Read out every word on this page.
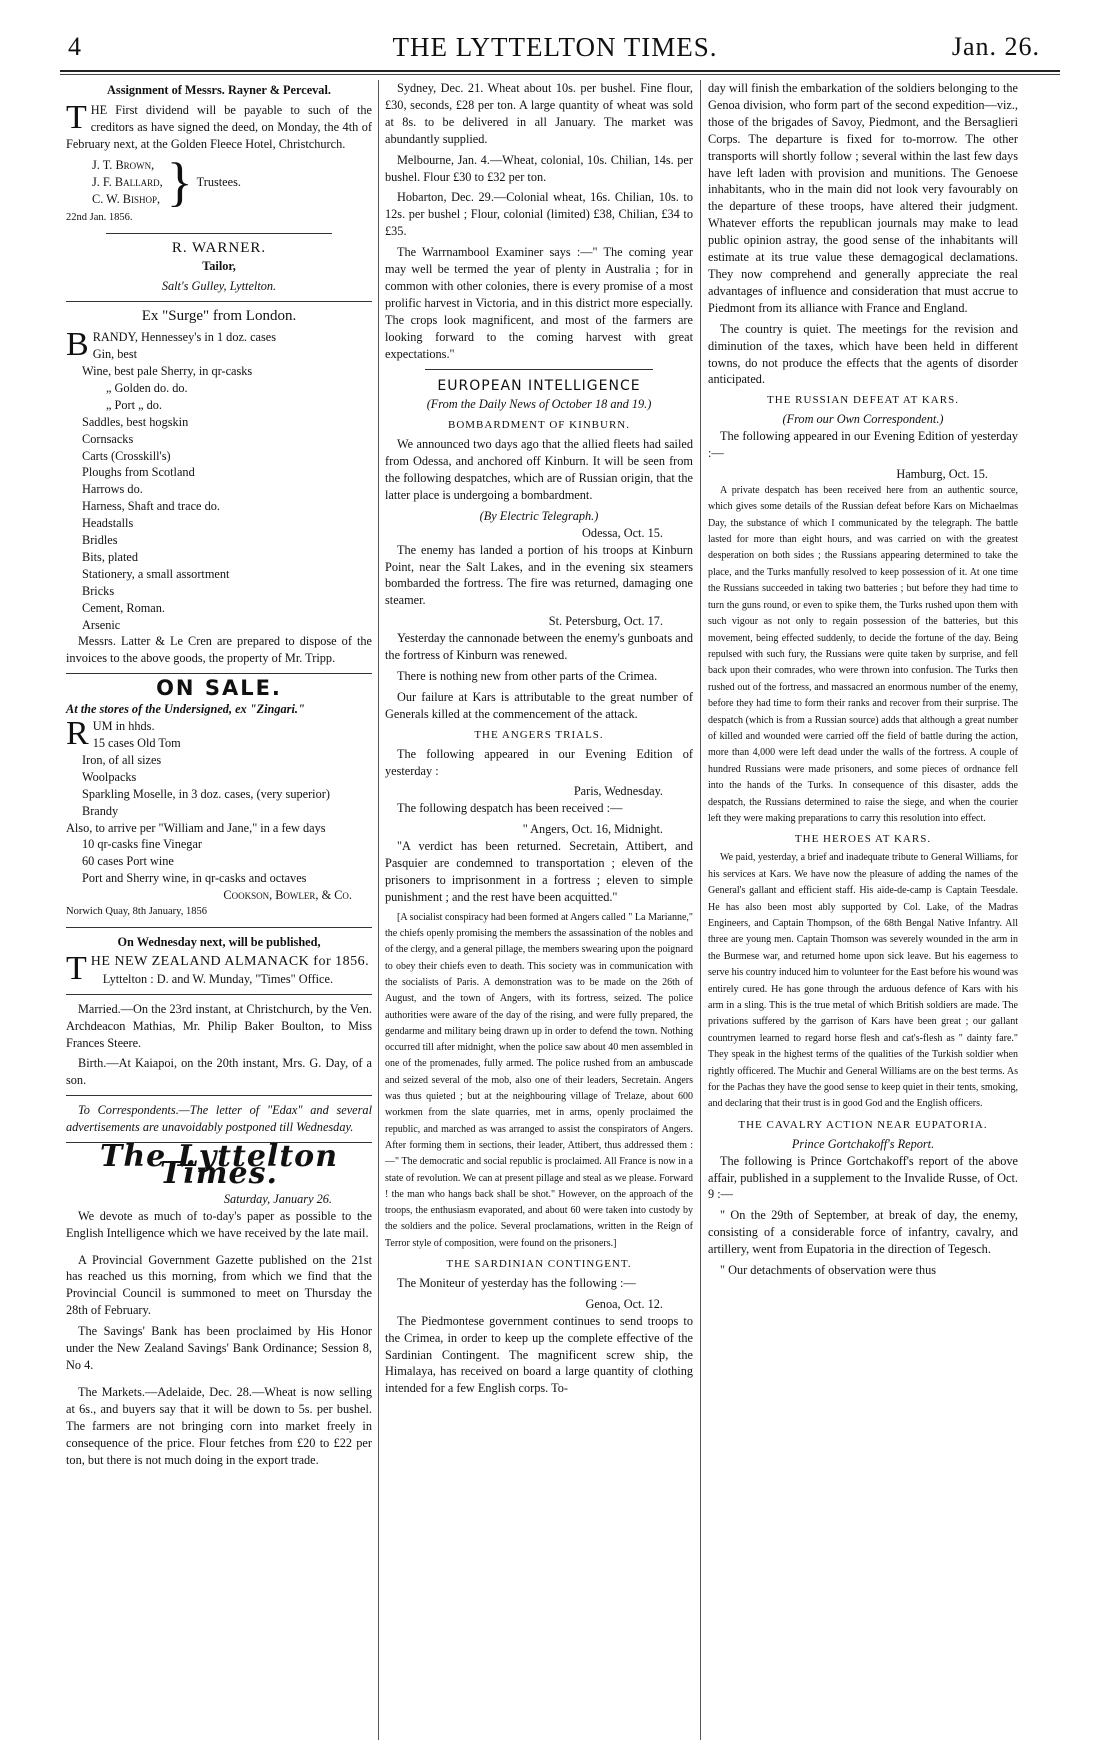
4	THE LYTTELTON TIMES.	Jan. 26.
Assignment of Messrs. Rayner & Perceval.

THE First dividend will be payable to such of the creditors as have signed the deed, on Monday, the 4th of February next, at the Golden Fleece Hotel, Christchurch.

J. T. Brown,
J. F. Ballard,
C. W. Bishop, } Trustees.
22nd Jan. 1856.
R. WARNER.
Tailor,
Salt's Gulley, Lyttelton.
Ex "Surge" from London.

BRANDY, Hennessey's in 1 doz. cases

Gin, best
Wine, best pale Sherry, in qr-casks
„ Golden do. do.
„ Port „ do.
Saddles, best hogskin
Cornsacks
Carts (Crosskill's)
Ploughs from Scotland
Harrows do.
Harness, Shaft and trace do.
Headstalls
Bridles
Bits, plated
Stationery, a small assortment
Bricks
Cement, Roman.
Arsenic

Messrs. Latter & Le Cren are prepared to dispose of the invoices to the above goods, the property of Mr. Tripp.

ON SALE.
At the stores of the Undersigned, ex "Zingari."

RUM in hhds.

15 cases Old Tom
Iron, of all sizes
Woolpacks
Sparkling Moselle, in 3 doz. cases, (very superior)
Brandy
Also, to arrive per "William and Jane," in a few days
10 qr-casks fine Vinegar
60 cases Port wine
Port and Sherry wine, in qr-casks and octaves
Cookson, Bowler, & Co.
Norwich Quay, 8th January, 1856
On Wednesday next, will be published,

THE NEW ZEALAND ALMANACK for 1856.

Lyttelton : D. and W. Munday, "Times" Office.

Married.—On the 23rd instant, at Christchurch, by the Ven. Archdeacon Mathias, Mr. Philip Baker Boulton, to Miss Frances Steere.

Birth.—At Kaiapoi, on the 20th instant, Mrs. G. Day, of a son.

To Correspondents.—The letter of "Edax" and several advertisements are unavoidably postponed till Wednesday.

The Lyttelton Times.
Saturday, January 26.

We devote as much of to-day's paper as possible to the English Intelligence which we have received by the late mail.

A Provincial Government Gazette published on the 21st has reached us this morning, from which we find that the Provincial Council is summoned to meet on Thursday the 28th of February.

The Savings' Bank has been proclaimed by His Honor under the New Zealand Savings' Bank Ordinance; Session 8, No 4.

The Markets.—Adelaide, Dec. 28.—Wheat is now selling at 6s., and buyers say that it will be down to 5s. per bushel. The farmers are not bringing corn into market freely in consequence of the price. Flour fetches from £20 to £22 per ton, but there is not much doing in the export trade.

Sydney, Dec. 21. Wheat about 10s. per bushel. Fine flour, £30, seconds, £28 per ton. A large quantity of wheat was sold at 8s. to be delivered in all January. The market was abundantly supplied.

Melbourne, Jan. 4.—Wheat, colonial, 10s. Chilian, 14s. per bushel. Flour £30 to £32 per ton.

Hobarton, Dec. 29.—Colonial wheat, 16s. Chilian, 10s. to 12s. per bushel ; Flour, colonial (limited) £38, Chilian, £34 to £35.

The Warrnambool Examiner says :—" The coming year may well be termed the year of plenty in Australia ; for in common with other colonies, there is every promise of a most prolific harvest in Victoria, and in this district more especially. The crops look magnificent, and most of the farmers are looking forward to the coming harvest with great expectations."

EUROPEAN INTELLIGENCE
(From the Daily News of October 18 and 19.)
BOMBARDMENT OF KINBURN.

We announced two days ago that the allied fleets had sailed from Odessa, and anchored off Kinburn. It will be seen from the following despatches, which are of Russian origin, that the latter place is undergoing a bombardment.

(By Electric Telegraph.)
Odessa, Oct. 15.

The enemy has landed a portion of his troops at Kinburn Point, near the Salt Lakes, and in the evening six steamers bombarded the fortress. The fire was returned, damaging one steamer.

St. Petersburg, Oct. 17.

Yesterday the cannonade between the enemy's gunboats and the fortress of Kinburn was renewed.

There is nothing new from other parts of the Crimea.

Our failure at Kars is attributable to the great number of Generals killed at the commencement of the attack.

THE ANGERS TRIALS.

The following appeared in our Evening Edition of yesterday :

Paris, Wednesday.

The following despatch has been received :—

" Angers, Oct. 16, Midnight.

"A verdict has been returned. Secretain, Attibert, and Pasquier are condemned to transportation ; eleven of the prisoners to imprisonment in a fortress ; eleven to simple punishment ; and the rest have been acquitted."

[A socialist conspiracy had been formed at Angers called " La Marianne," the chiefs openly promising the members the assassination of the nobles and of the clergy, and a general pillage, the members swearing upon the poignard to obey their chiefs even to death. This society was in communication with the socialists of Paris. A demonstration was to be made on the 26th of August, and the town of Angers, with its fortress, seized. The police authorities were aware of the day of the rising, and were fully prepared, the gendarme and military being drawn up in order to defend the town. Nothing occurred till after midnight, when the police saw about 40 men assembled in one of the promenades, fully armed. The police rushed from an ambuscade and seized several of the mob, also one of their leaders, Secretain. Angers was thus quieted ; but at the neighbouring village of Trelaze, about 600 workmen from the slate quarries, met in arms, openly proclaimed the republic, and marched as was arranged to assist the conspirators of Angers. After forming them in sections, their leader, Attibert, thus addressed them :—" The democratic and social republic is proclaimed. All France is now in a state of revolution. We can at present pillage and steal as we please. Forward ! the man who hangs back shall be shot." However, on the approach of the troops, the enthusiasm evaporated, and about 60 were taken into custody by the soldiers and the police. Several proclamations, written in the Reign of Terror style of composition, were found on the prisoners.]

THE SARDINIAN CONTINGENT.

The Moniteur of yesterday has the following :—

Genoa, Oct. 12.

The Piedmontese government continues to send troops to the Crimea, in order to keep up the complete effective of the Sardinian Contingent. The magnificent screw ship, the Himalaya, has received on board a large quantity of clothing intended for a few English corps. To-

day will finish the embarkation of the soldiers belonging to the Genoa division, who form part of the second expedition—viz., those of the brigades of Savoy, Piedmont, and the Bersaglieri Corps. The departure is fixed for to-morrow. The other transports will shortly follow ; several within the last few days have left laden with provision and munitions. The Genoese inhabitants, who in the main did not look very favourably on the departure of these troops, have altered their judgment. Whatever efforts the republican journals may make to lead public opinion astray, the good sense of the inhabitants will estimate at its true value these demagogical declamations. They now comprehend and generally appreciate the real advantages of influence and consideration that must accrue to Piedmont from its alliance with France and England.

The country is quiet. The meetings for the revision and diminution of the taxes, which have been held in different towns, do not produce the effects that the agents of disorder anticipated.

THE RUSSIAN DEFEAT AT KARS.
(From our Own Correspondent.)

The following appeared in our Evening Edition of yesterday :—

Hamburg, Oct. 15.

A private despatch has been received here from an authentic source, which gives some details of the Russian defeat before Kars on Michaelmas Day, the substance of which I communicated by the telegraph. The battle lasted for more than eight hours, and was carried on with the greatest desperation on both sides ; the Russians appearing determined to take the place, and the Turks manfully resolved to keep possession of it. At one time the Russians succeeded in taking two batteries ; but before they had time to turn the guns round, or even to spike them, the Turks rushed upon them with such vigour as not only to regain possession of the batteries, but this movement, being effected suddenly, to decide the fortune of the day. Being repulsed with such fury, the Russians were quite taken by surprise, and fell back upon their comrades, who were thrown into confusion. The Turks then rushed out of the fortress, and massacred an enormous number of the enemy, before they had time to form their ranks and recover from their surprise. The despatch (which is from a Russian source) adds that although a great number of killed and wounded were carried off the field of battle during the action, more than 4,000 were left dead under the walls of the fortress. A couple of hundred Russians were made prisoners, and some pieces of ordnance fell into the hands of the Turks. In consequence of this disaster, adds the despatch, the Russians determined to raise the siege, and when the courier left they were making preparations to carry this resolution into effect.

THE HEROES AT KARS.

We paid, yesterday, a brief and inadequate tribute to General Williams, for his services at Kars. We have now the pleasure of adding the names of the General's gallant and efficient staff. His aide-de-camp is Captain Teesdale. He has also been most ably supported by Col. Lake, of the Madras Engineers, and Captain Thompson, of the 68th Bengal Native Infantry. All three are young men. Captain Thomson was severely wounded in the arm in the Burmese war, and returned home upon sick leave. But his eagerness to serve his country induced him to volunteer for the East before his wound was entirely cured. He has gone through the arduous defence of Kars with his arm in a sling. This is the true metal of which British soldiers are made. The privations suffered by the garrison of Kars have been great ; our gallant countrymen learned to regard horse flesh and cat's-flesh as " dainty fare." They speak in the highest terms of the qualities of the Turkish soldier when rightly officered. The Muchir and General Williams are on the best terms. As for the Pachas they have the good sense to keep quiet in their tents, smoking, and declaring that their trust is in good God and the English officers.

THE CAVALRY ACTION NEAR EUPATORIA.
Prince Gortchakoff's Report.

The following is Prince Gortchakoff's report of the above affair, published in a supplement to the Invalide Russe, of Oct. 9 :—

" On the 29th of September, at break of day, the enemy, consisting of a considerable force of infantry, cavalry, and artillery, went from Eupatoria in the direction of Tegesch.

" Our detachments of observation were thus
